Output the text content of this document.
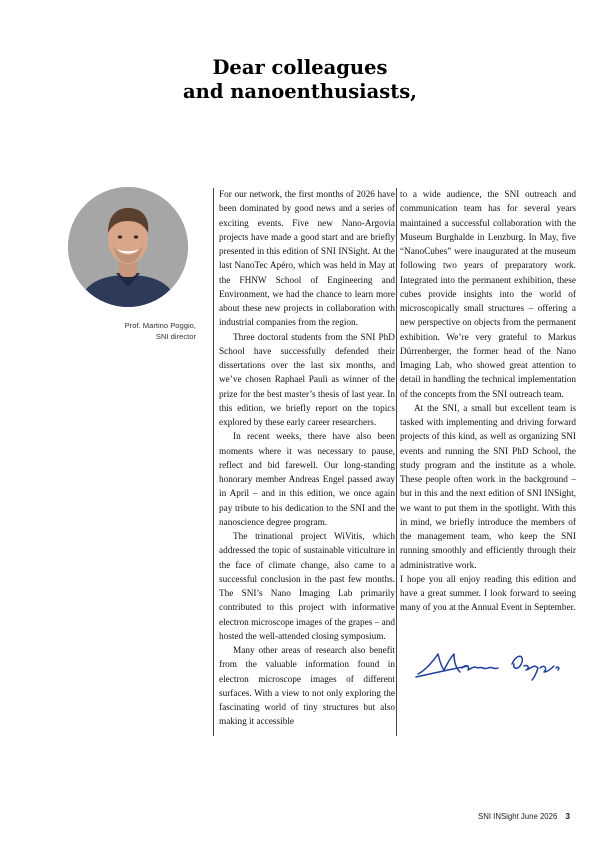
Dear colleagues
and nanoenthusiasts,
Prof. Martino Poggio,
SNI director

For our network, the first months of 2026 have been dominated by good news and a series of exciting events. Five new Nano-Argovia projects have made a good start and are briefly presented in this edition of SNI INSight. At the last NanoTec Apéro, which was held in May at the FHNW School of Engineering and Environment, we had the chance to learn more about these new projects in collaboration with industrial companies from the region.

Three doctoral students from the SNI PhD School have successfully defended their dissertations over the last six months, and we’ve chosen Raphael Pauli as winner of the prize for the best master’s thesis of last year. In this edition, we briefly report on the topics explored by these early career researchers.

In recent weeks, there have also been moments where it was necessary to pause, reflect and bid farewell. Our long-standing honorary member Andreas Engel passed away in April – and in this edition, we once again pay tribute to his dedication to the SNI and the nanoscience degree program.

The trinational project WiVitis, which addressed the topic of sustainable viticulture in the face of climate change, also came to a successful conclusion in the past few months. The SNI’s Nano Imaging Lab primarily contributed to this project with informative electron microscope images of the grapes – and hosted the well-attended closing symposium.

Many other areas of research also benefit from the valuable information found in electron microscope images of different surfaces. With a view to not only exploring the fascinating world of tiny structures but also making it accessible

to a wide audience, the SNI outreach and communication team has for several years maintained a successful collaboration with the Museum Burghalde in Lenzburg. In May, five “NanoCubes” were inaugurated at the museum following two years of preparatory work. Integrated into the permanent exhibition, these cubes provide insights into the world of microscopically small structures – offering a new perspective on objects from the permanent exhibition. We’re very grateful to Markus Dürrenberger, the former head of the Nano Imaging Lab, who showed great attention to detail in handling the technical implementation of the concepts from the SNI outreach team.

At the SNI, a small but excellent team is tasked with implementing and driving forward projects of this kind, as well as organizing SNI events and running the SNI PhD School, the study program and the institute as a whole. These people often work in the background – but in this and the next edition of SNI INSight, we want to put them in the spotlight. With this in mind, we briefly introduce the members of the management team, who keep the SNI running smoothly and efficiently through their administrative work.

I hope you all enjoy reading this edition and have a great summer. I look forward to seeing many of you at the Annual Event in September.

SNI INSight June 2026 3
